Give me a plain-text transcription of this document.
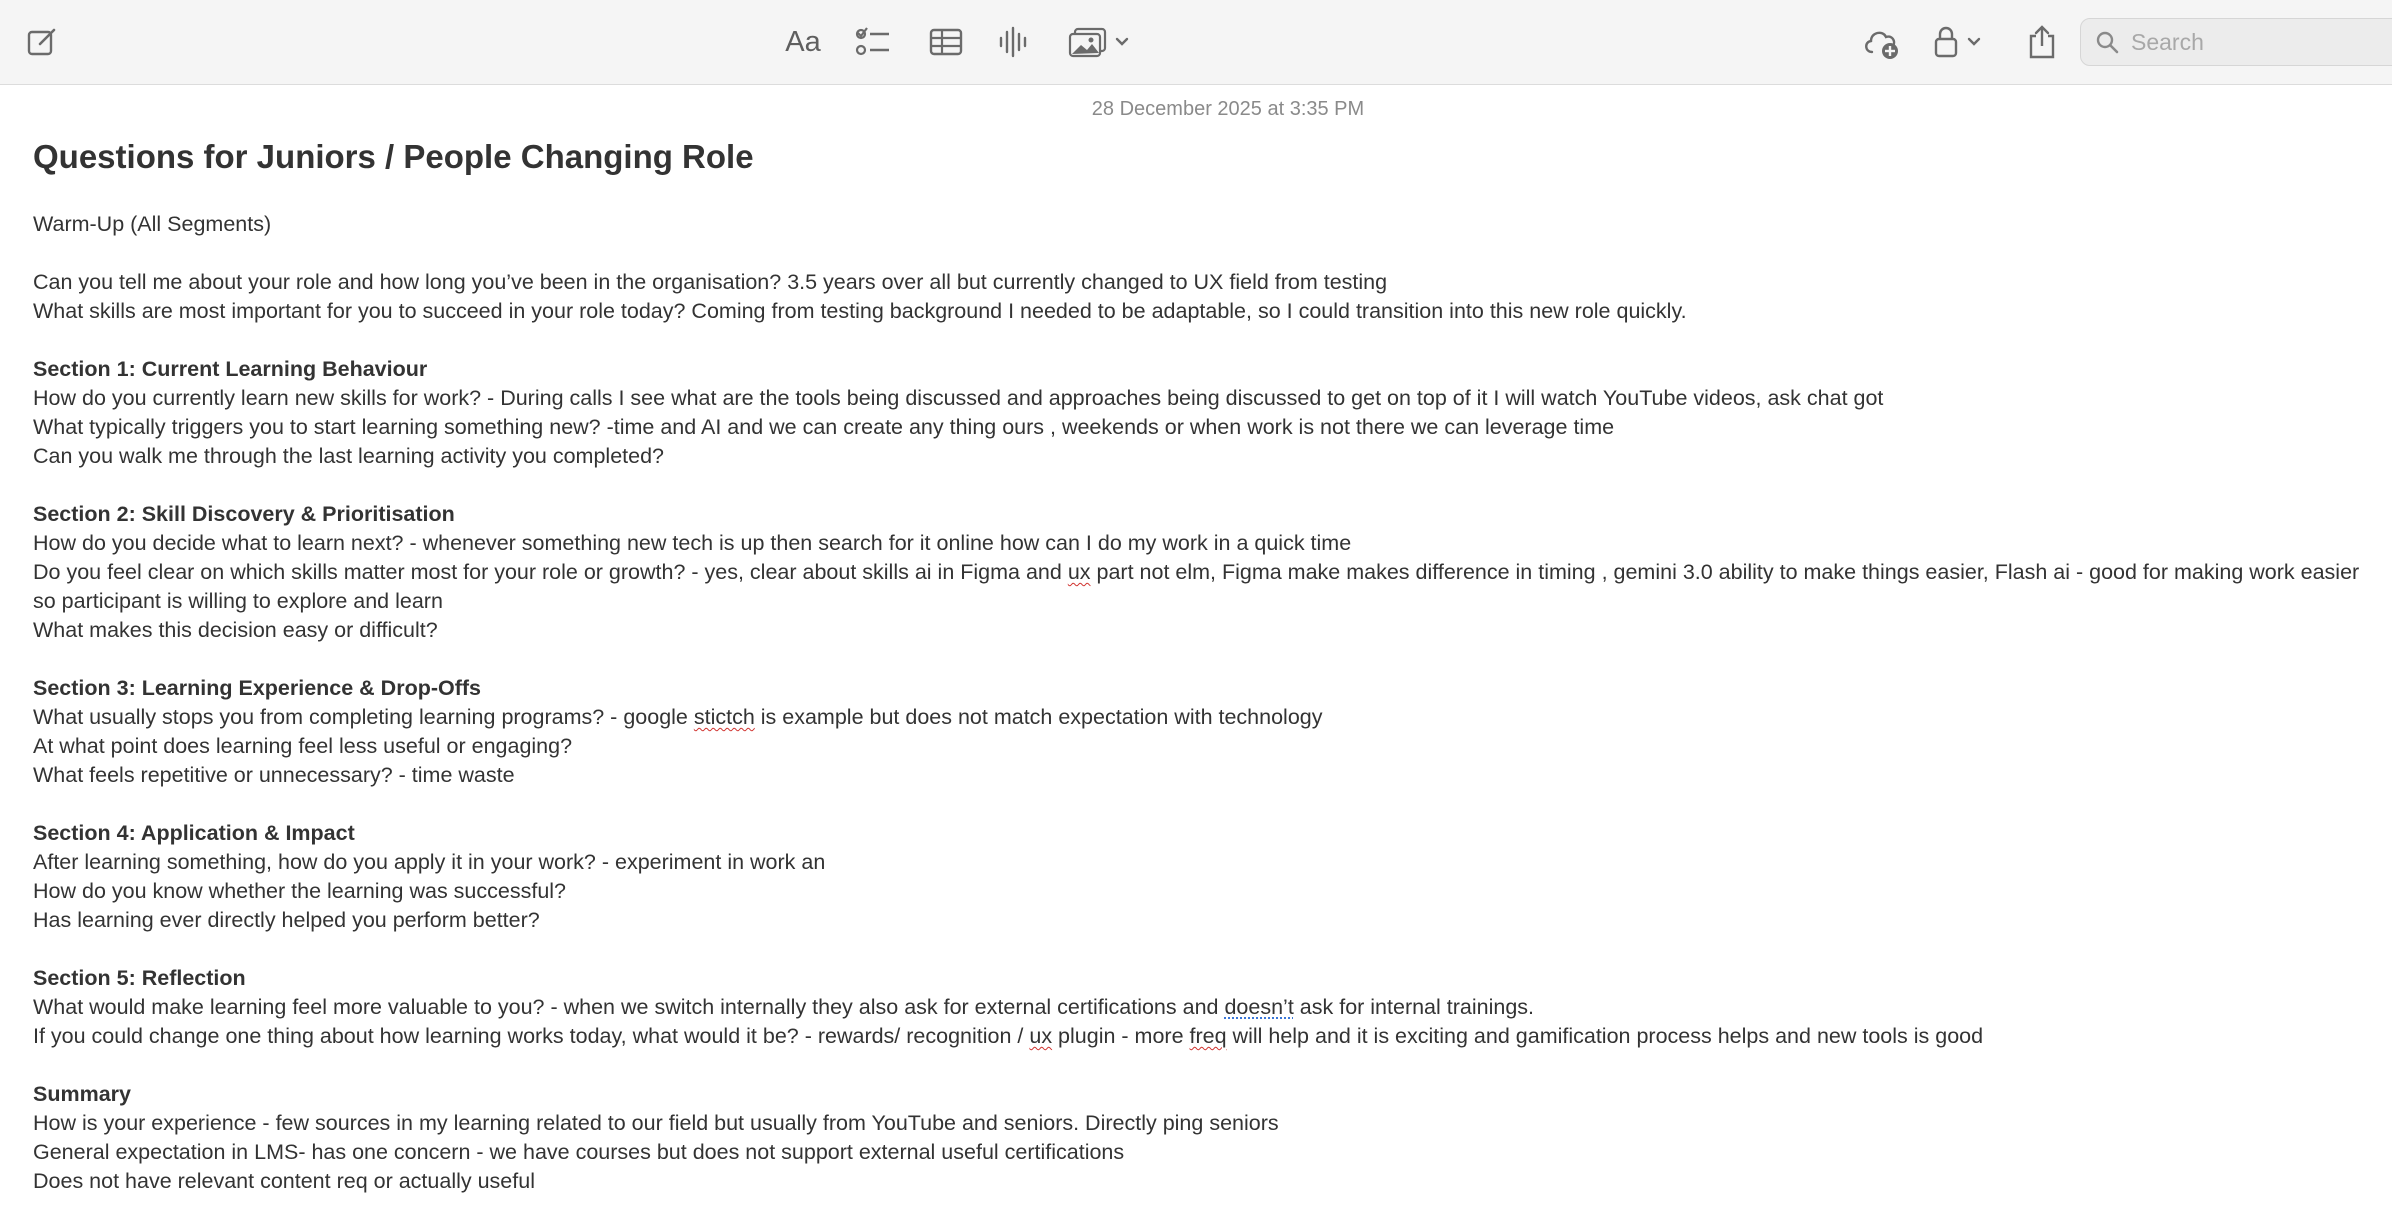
Aa
Search
28 December 2025 at 3:35 PM
Questions for Juniors / People Changing Role

Warm-Up (All Segments)

Can you tell me about your role and how long you’ve been in the organisation? 3.5 years over all but currently changed to UX field from testing

What skills are most important for you to succeed in your role today? Coming from testing background I needed to be adaptable, so I could transition into this new role quickly.

Section 1: Current Learning Behaviour

How do you currently learn new skills for work? - During calls I see what are the tools being discussed and approaches being discussed to get on top of it I will watch YouTube videos, ask chat got

What typically triggers you to start learning something new? -time and AI and we can create any thing ours , weekends or when work is not there we can leverage time

Can you walk me through the last learning activity you completed?

Section 2: Skill Discovery & Prioritisation

How do you decide what to learn next? - whenever something new tech is up then search for it online how can I do my work in a quick time

Do you feel clear on which skills matter most for your role or growth? - yes, clear about skills ai in Figma and ux part not elm, Figma make makes difference in timing , gemini 3.0 ability to make things easier, Flash ai - good for making work easier so participant is willing to explore and learn

What makes this decision easy or difficult?

Section 3: Learning Experience & Drop-Offs

What usually stops you from completing learning programs? - google stictch is example but does not match expectation with technology

At what point does learning feel less useful or engaging?

What feels repetitive or unnecessary? - time waste

Section 4: Application & Impact

After learning something, how do you apply it in your work? - experiment in work an

How do you know whether the learning was successful?

Has learning ever directly helped you perform better?

Section 5: Reflection

What would make learning feel more valuable to you? - when we switch internally they also ask for external certifications and doesn’t ask for internal trainings.

If you could change one thing about how learning works today, what would it be? - rewards/ recognition / ux plugin - more freq will help and it is exciting and gamification process helps and new tools is good

Summary

How is your experience - few sources in my learning related to our field but usually from YouTube and seniors. Directly ping seniors

General expectation in LMS- has one concern - we have courses but does not support external useful certifications

Does not have relevant content req or actually useful
